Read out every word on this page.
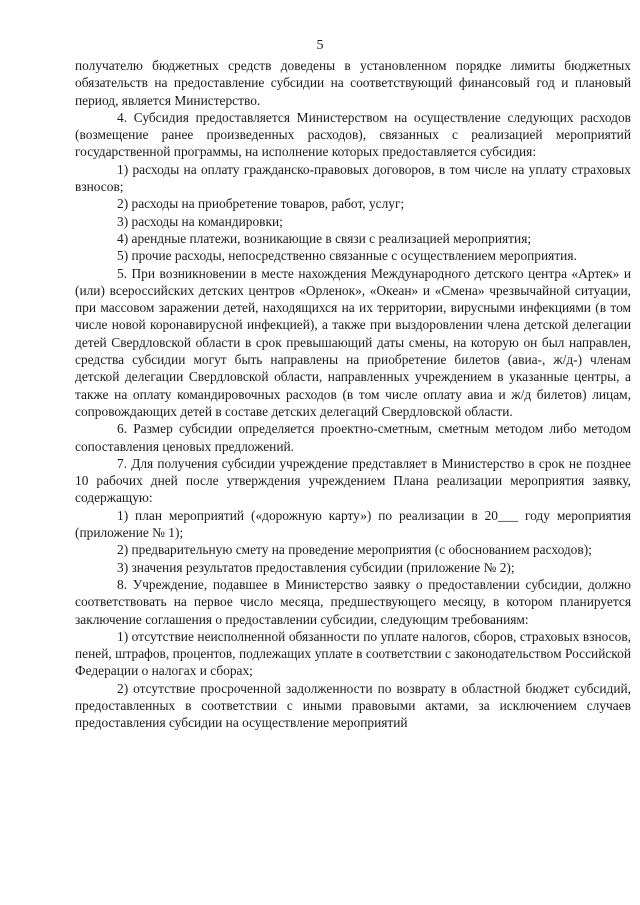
5

получателю бюджетных средств доведены в установленном порядке лимиты бюджетных обязательств на предоставление субсидии на соответствующий финансовый год и плановый период, является Министерство.

4. Субсидия предоставляется Министерством на осуществление следующих расходов (возмещение ранее произведенных расходов), связанных с реализацией мероприятий государственной программы, на исполнение которых предоставляется субсидия:

1) расходы на оплату гражданско-правовых договоров, в том числе на уплату страховых взносов;

2) расходы на приобретение товаров, работ, услуг;

3) расходы на командировки;

4) арендные платежи, возникающие в связи с реализацией мероприятия;

5) прочие расходы, непосредственно связанные с осуществлением мероприятия.

5. При возникновении в месте нахождения Международного детского центра «Артек» и (или) всероссийских детских центров «Орленок», «Океан» и «Смена» чрезвычайной ситуации, при массовом заражении детей, находящихся на их территории, вирусными инфекциями (в том числе новой коронавирусной инфекцией), а также при выздоровлении члена детской делегации детей Свердловской области в срок превышающий даты смены, на которую он был направлен, средства субсидии могут быть направлены на приобретение билетов (авиа-, ж/д-) членам детской делегации Свердловской области, направленных учреждением в указанные центры, а также на оплату командировочных расходов (в том числе оплату авиа и ж/д билетов) лицам, сопровождающих детей в составе детских делегаций Свердловской области.

6. Размер субсидии определяется проектно-сметным, сметным методом либо методом сопоставления ценовых предложений.

7. Для получения субсидии учреждение представляет в Министерство в срок не позднее 10 рабочих дней после утверждения учреждением Плана реализации мероприятия заявку, содержащую:

1) план мероприятий («дорожную карту») по реализации в 20___ году мероприятия (приложение № 1);

2) предварительную смету на проведение мероприятия (с обоснованием расходов);

3) значения результатов предоставления субсидии (приложение № 2);

8. Учреждение, подавшее в Министерство заявку о предоставлении субсидии, должно соответствовать на первое число месяца, предшествующего месяцу, в котором планируется заключение соглашения о предоставлении субсидии, следующим требованиям:

1) отсутствие неисполненной обязанности по уплате налогов, сборов, страховых взносов, пеней, штрафов, процентов, подлежащих уплате в соответствии с законодательством Российской Федерации о налогах и сборах;

2) отсутствие просроченной задолженности по возврату в областной бюджет субсидий, предоставленных в соответствии с иными правовыми актами, за исключением случаев предоставления субсидии на осуществление мероприятий
